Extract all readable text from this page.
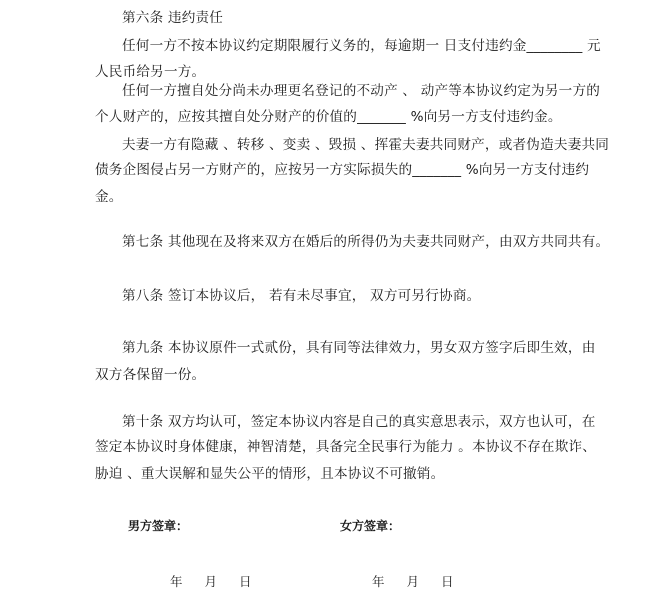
第六条 违约责任
任何一方不按本协议约定期限履行义务的，每逾期一 日支付违约金________ 元
人民币给另一方。
任何一方擅自处分尚未办理更名登记的不动产 、 动产等本协议约定为另一方的
个人财产的，应按其擅自处分财产的价值的_______ %向另一方支付违约金。
夫妻一方有隐藏 、转移 、变卖 、毁损 、挥霍夫妻共同财产，或者伪造夫妻共同
债务企图侵占另一方财产的，应按另一方实际损失的_______ %向另一方支付违约
金。
第七条 其他现在及将来双方在婚后的所得仍为夫妻共同财产，由双方共同共有。
第八条 签订本协议后， 若有未尽事宜， 双方可另行协商。
第九条 本协议原件一式贰份，具有同等法律效力，男女双方签字后即生效，由
双方各保留一份。
第十条 双方均认可，签定本协议内容是自己的真实意思表示，双方也认可，在
签定本协议时身体健康，神智清楚，具备完全民事行为能力 。本协议不存在欺诈、
胁迫 、重大误解和显失公平的情形，且本协议不可撤销。
男方签章：	女方签章：
年 月 日	年 月 日
